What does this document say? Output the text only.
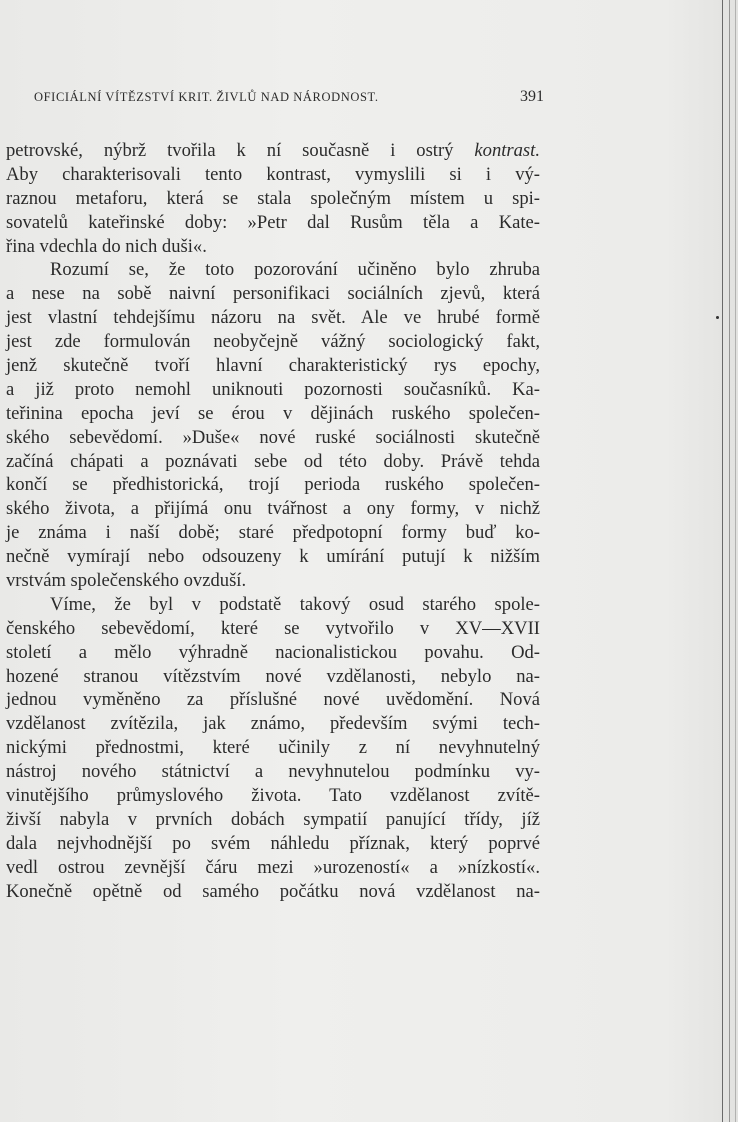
OFICIÁLNÍ VÍTĚZSTVÍ KRIT. ŽIVLŮ NAD NÁRODNOST.	391
petrovské, nýbrž tvořila k ní současně i ostrý kontrast.
Aby charakterisovali tento kontrast, vymyslili si i vý-
raznou metaforu, která se stala společným místem u spi-
sovatelů kateřinské doby: »Petr dal Rusům těla a Kate-
řina vdechla do nich duši«.
Rozumí se, že toto pozorování učiněno bylo zhruba
a nese na sobě naivní personifikaci sociálních zjevů, která
jest vlastní tehdejšímu názoru na svět. Ale ve hrubé formě
jest zde formulován neobyčejně vážný sociologický fakt,
jenž skutečně tvoří hlavní charakteristický rys epochy,
a již proto nemohl uniknouti pozornosti současníků. Ka-
teřinina epocha jeví se érou v dějinách ruského společen-
ského sebevědomí. »Duše« nové ruské sociálnosti skutečně
začíná chápati a poznávati sebe od této doby. Právě tehda
končí se předhistorická, trojí perioda ruského společen-
ského života, a přijímá onu tvářnost a ony formy, v nichž
je známa i naší době; staré předpotopní formy buď ko-
nečně vymírají nebo odsouzeny k umírání putují k nižším
vrstvám společenského ovzduší.
Víme, že byl v podstatě takový osud starého spole-
čenského sebevědomí, které se vytvořilo v XV—XVII
století a mělo výhradně nacionalistickou povahu. Od-
hozené stranou vítězstvím nové vzdělanosti, nebylo na-
jednou vyměněno za příslušné nové uvědomění. Nová
vzdělanost zvítězila, jak známo, především svými tech-
nickými přednostmi, které učinily z ní nevyhnutelný
nástroj nového státnictví a nevyhnutelou podmínku vy-
vinutějšího průmyslového života. Tato vzdělanost zvítě-
živší nabyla v prvních dobách sympatií panující třídy, jíž
dala nejvhodnější po svém náhledu příznak, který poprvé
vedl ostrou zevnější čáru mezi »urozeností« a »nízkostí«.
Konečně opětně od samého počátku nová vzdělanost na-
